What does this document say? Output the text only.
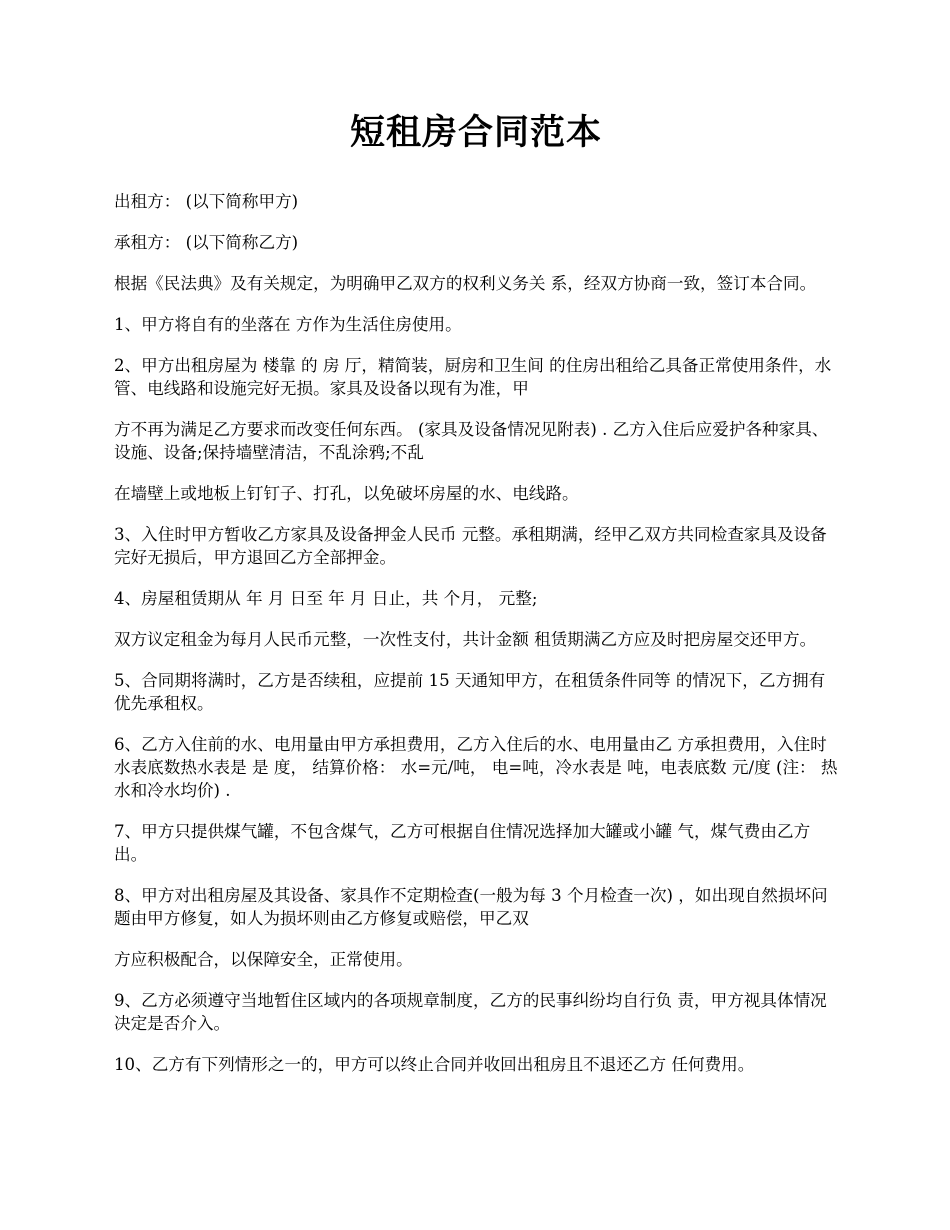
短租房合同范本

出租方： (以下简称甲方)

承租方： (以下简称乙方)

根据《民法典》及有关规定，为明确甲乙双方的权利义务关 系，经双方协商一致，签订本合同。

1、甲方将自有的坐落在 方作为生活住房使用。

2、甲方出租房屋为 楼靠 的 房 厅，精简装，厨房和卫生间 的住房出租给乙具备正常使用条件，水管、电线路和设施完好无损。家具及设备以现有为准，甲

方不再为满足乙方要求而改变任何东西。 (家具及设备情况见附表) . 乙方入住后应爱护各种家具、设施、设备;保持墙壁清洁，不乱涂鸦;不乱

在墙壁上或地板上钉钉子、打孔，以免破坏房屋的水、电线路。

3、入住时甲方暂收乙方家具及设备押金人民币 元整。承租期满，经甲乙双方共同检查家具及设备完好无损后，甲方退回乙方全部押金。

4、房屋租赁期从 年 月 日至 年 月 日止，共 个月， 元整;

双方议定租金为每月人民币元整，一次性支付，共计金额 租赁期满乙方应及时把房屋交还甲方。

5、合同期将满时，乙方是否续租，应提前 15 天通知甲方，在租赁条件同等 的情况下，乙方拥有优先承租权。

6、乙方入住前的水、电用量由甲方承担费用，乙方入住后的水、电用量由乙 方承担费用，入住时水表底数热水表是 是 度， 结算价格： 水=元/吨， 电=吨，冷水表是 吨，电表底数 元/度 (注： 热水和冷水均价) .

7、甲方只提供煤气罐，不包含煤气，乙方可根据自住情况选择加大罐或小罐 气，煤气费由乙方出。

8、甲方对出租房屋及其设备、家具作不定期检查(一般为每 3 个月检查一次) ，如出现自然损坏问题由甲方修复，如人为损坏则由乙方修复或赔偿，甲乙双

方应积极配合，以保障安全，正常使用。

9、乙方必须遵守当地暂住区域内的各项规章制度，乙方的民事纠纷均自行负 责，甲方视具体情况决定是否介入。

10、乙方有下列情形之一的，甲方可以终止合同并收回出租房且不退还乙方 任何费用。
